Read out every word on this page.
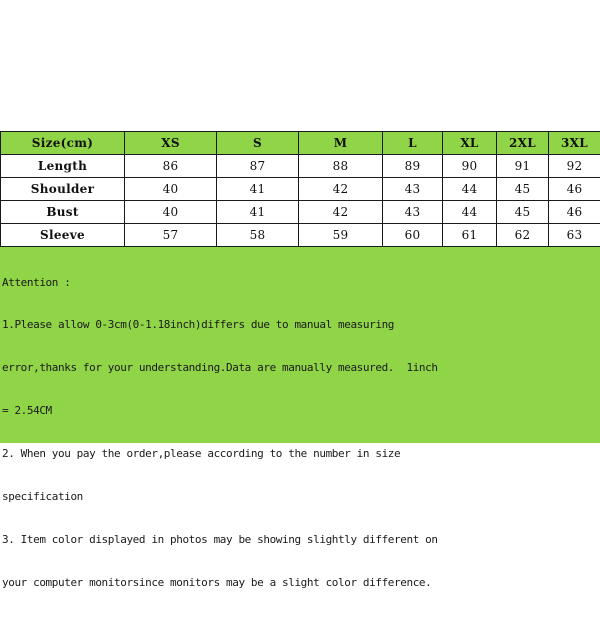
Size(cm)	XS	S	M	L	XL	2XL	3XL
Length	86	87	88	89	90	91	92
Shoulder	40	41	42	43	44	45	46
Bust	40	41	42	43	44	45	46
Sleeve	57	58	59	60	61	62	63

Attention :

1.Please allow 0-3cm(0-1.18inch)differs due to manual measuring

error,thanks for your understanding.Data are manually measured.  1inch

= 2.54CM

2. When you pay the order,please according to the number in size

specification

3. Item color displayed in photos may be showing slightly different on

your computer monitorsince monitors may be a slight color difference.
